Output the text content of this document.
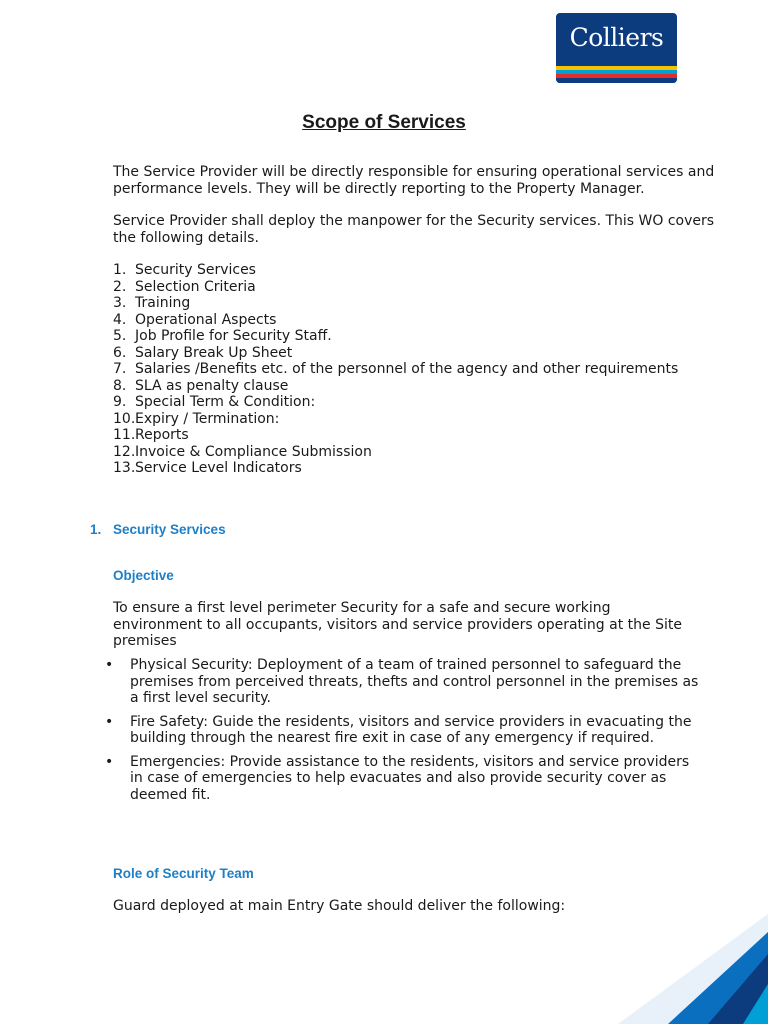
Colliers
Scope of Services

The Service Provider will be directly responsible for ensuring operational services and performance levels. They will be directly reporting to the Property Manager.

Service Provider shall deploy the manpower for the Security services. This WO covers the following details.

1. Security Services
2. Selection Criteria
3. Training
4. Operational Aspects
5. Job Profile for Security Staff.
6. Salary Break Up Sheet
7. Salaries /Benefits etc. of the personnel of the agency and other requirements
8. SLA as penalty clause
9. Special Term & Condition:
10. Expiry / Termination:
11. Reports
12. Invoice & Compliance Submission
13. Service Level Indicators
1. Security Services
Objective

To ensure a first level perimeter Security for a safe and secure working environment to all occupants, visitors and service providers operating at the Site premises

• Physical Security: Deployment of a team of trained personnel to safeguard the premises from perceived threats, thefts and control personnel in the premises as a first level security.
• Fire Safety: Guide the residents, visitors and service providers in evacuating the building through the nearest fire exit in case of any emergency if required.
• Emergencies: Provide assistance to the residents, visitors and service providers in case of emergencies to help evacuates and also provide security cover as deemed fit.
Role of Security Team

Guard deployed at main Entry Gate should deliver the following:
